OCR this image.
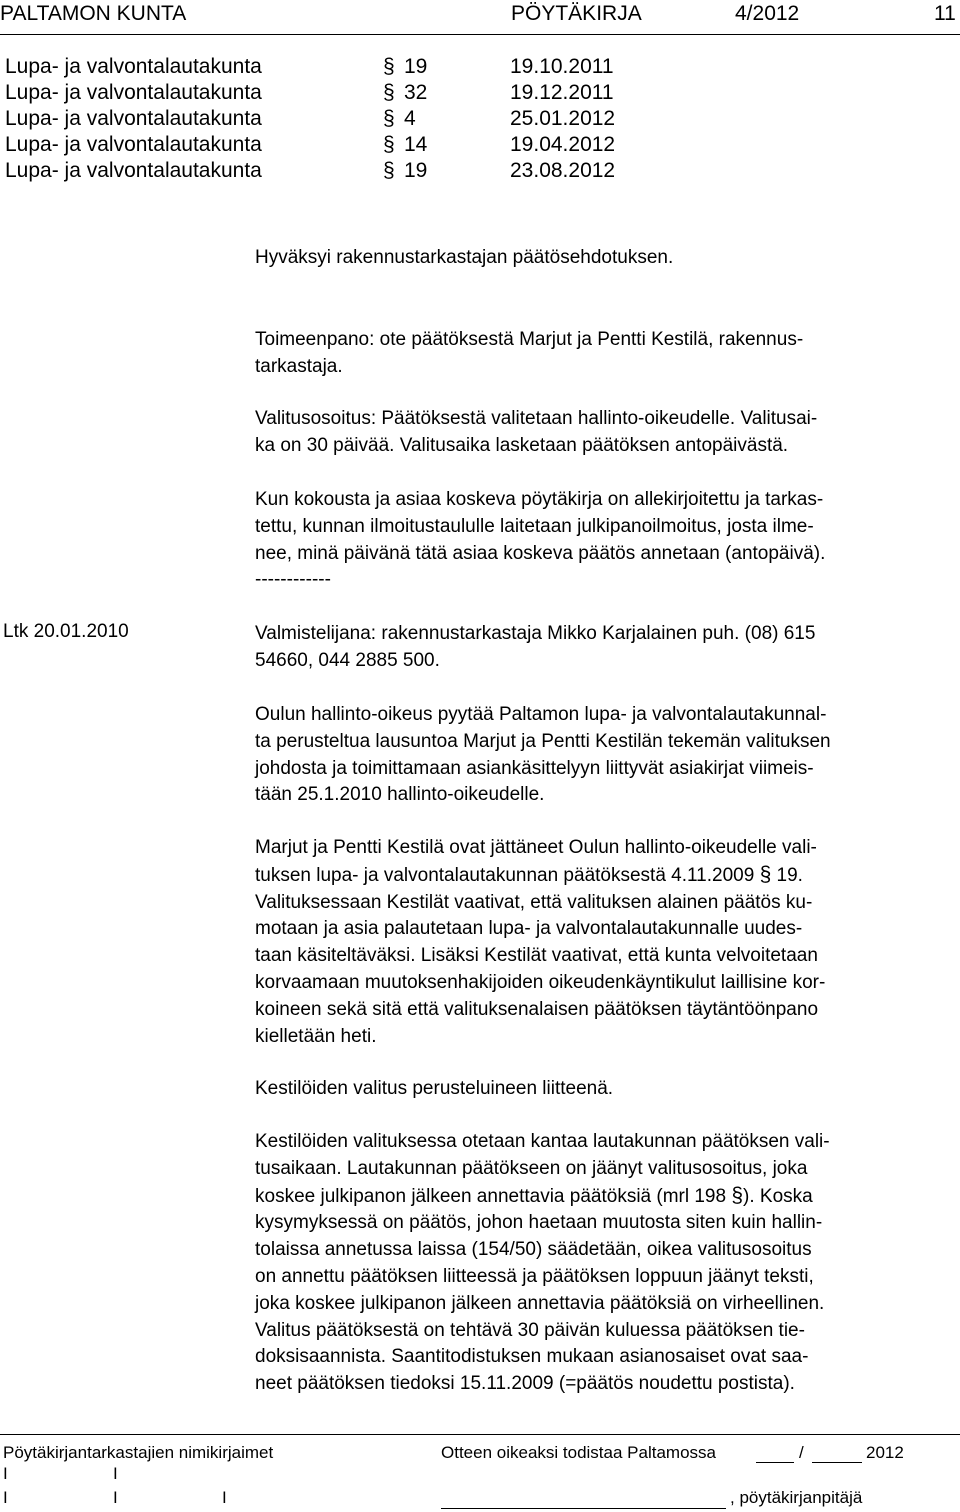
PALTAMON KUNTA	PÖYTÄKIRJA	4/2012	11
Lupa- ja valvontalautakunta	§ 19	19.10.2011
Lupa- ja valvontalautakunta	§ 32	19.12.2011
Lupa- ja valvontalautakunta	§ 4	25.01.2012
Lupa- ja valvontalautakunta	§ 14	19.04.2012
Lupa- ja valvontalautakunta	§ 19	23.08.2012
Hyväksyi rakennustarkastajan päätösehdotuksen.
Toimeenpano: ote päätöksestä Marjut ja Pentti Kestilä, rakennus-
tarkastaja.
Valitusosoitus: Päätöksestä valitetaan hallinto-oikeudelle. Valitusai-
ka on 30 päivää. Valitusaika lasketaan päätöksen antopäivästä.
Kun kokousta ja asiaa koskeva pöytäkirja on allekirjoitettu ja tarkas-
tettu, kunnan ilmoitustaululle laitetaan julkipanoilmoitus, josta ilme-
nee, minä päivänä tätä asiaa koskeva päätös annetaan (antopäivä).
------------
Ltk 20.01.2010	Valmistelijana: rakennustarkastaja Mikko Karjalainen puh. (08) 615
54660, 044 2885 500.
Oulun hallinto-oikeus pyytää Paltamon lupa- ja valvontalautakunnal-
ta perusteltua lausuntoa Marjut ja Pentti Kestilän tekemän valituksen
johdosta ja toimittamaan asiankäsittelyyn liittyvät asiakirjat viimeis-
tään 25.1.2010 hallinto-oikeudelle.
Marjut ja Pentti Kestilä ovat jättäneet Oulun hallinto-oikeudelle vali-
tuksen lupa- ja valvontalautakunnan päätöksestä 4.11.2009 § 19.
Valituksessaan Kestilät vaativat, että valituksen alainen päätös ku-
motaan ja asia palautetaan lupa- ja valvontalautakunnalle uudes-
taan käsiteltäväksi. Lisäksi Kestilät vaativat, että kunta velvoitetaan
korvaamaan muutoksenhakijoiden oikeudenkäyntikulut laillisine kor-
koineen sekä sitä että valituksenalaisen päätöksen täytäntöönpano
kielletään heti.
Kestilöiden valitus perusteluineen liitteenä.
Kestilöiden valituksessa otetaan kantaa lautakunnan päätöksen vali-
tusaikaan. Lautakunnan päätökseen on jäänyt valitusosoitus, joka
koskee julkipanon jälkeen annettavia päätöksiä (mrl 198 §). Koska
kysymyksessä on päätös, johon haetaan muutosta siten kuin hallin-
tolaissa annetussa laissa (154/50) säädetään, oikea valitusosoitus
on annettu päätöksen liitteessä ja päätöksen loppuun jäänyt teksti,
joka koskee julkipanon jälkeen annettavia päätöksiä on virheellinen.
Valitus päätöksestä on tehtävä 30 päivän kuluessa päätöksen tie-
doksisaannista. Saantitodistuksen mukaan asianosaiset ovat saa-
neet päätöksen tiedoksi 15.11.2009 (=päätös noudettu postista).
Pöytäkirjantarkastajien nimikirjaimet	Otteen oikeaksi todistaa Paltamossa	/	2012
I	I
I	I	I	, pöytäkirjanpitäjä
